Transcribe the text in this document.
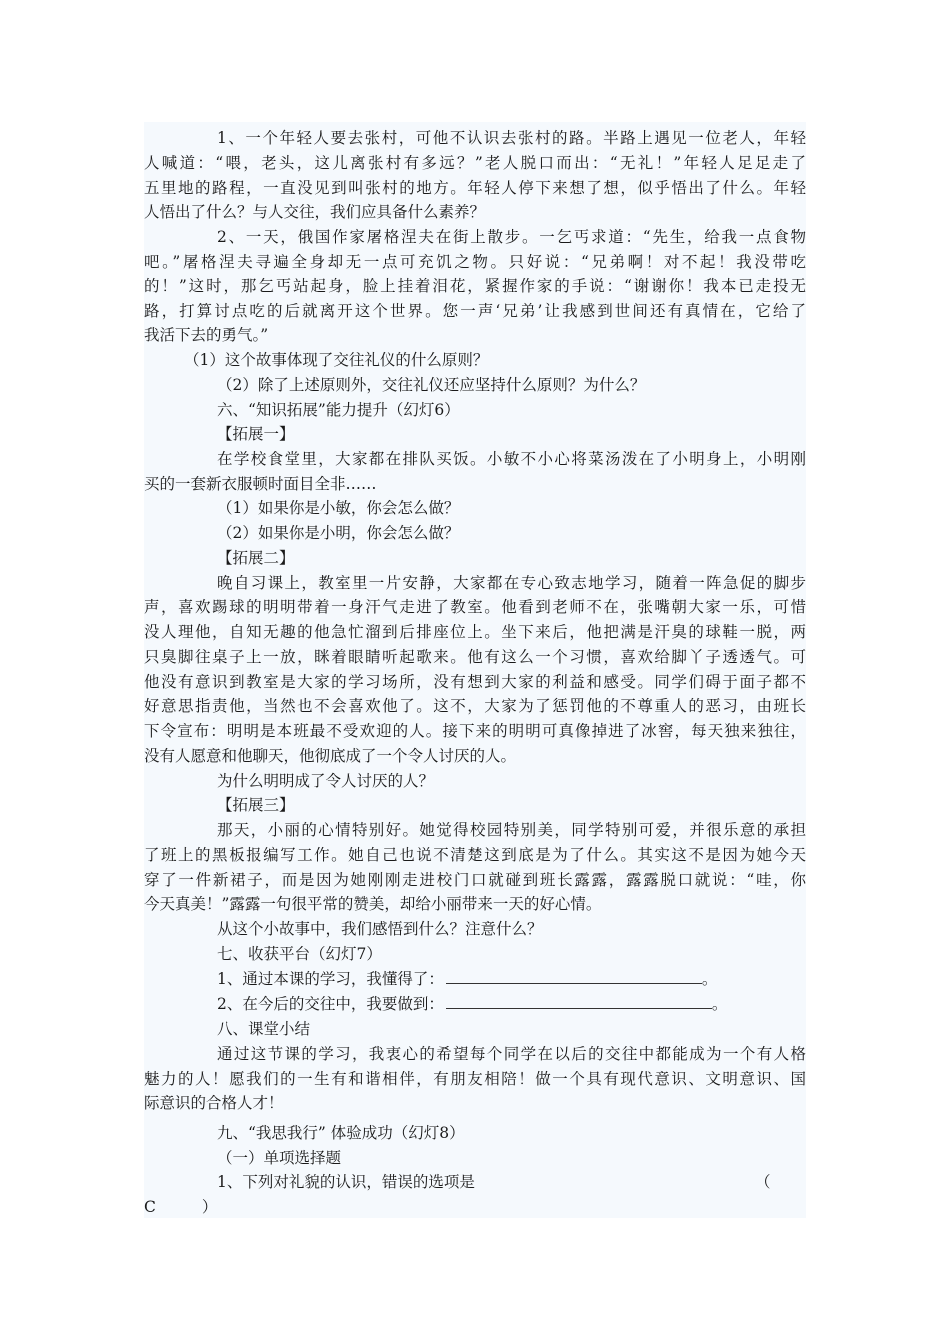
1、一个年轻人要去张村，可他不认识去张村的路。半路上遇见一位老人，年轻
人喊道：“喂，老头，这儿离张村有多远？”老人脱口而出：“无礼！”年轻人足足走了
五里地的路程，一直没见到叫张村的地方。年轻人停下来想了想，似乎悟出了什么。年轻
人悟出了什么？与人交往，我们应具备什么素养？
2、一天，俄国作家屠格涅夫在街上散步。一乞丐求道：“先生，给我一点食物
吧。”屠格涅夫寻遍全身却无一点可充饥之物。只好说：“兄弟啊！对不起！我没带吃
的！”这时，那乞丐站起身，脸上挂着泪花，紧握作家的手说：“谢谢你！我本已走投无
路，打算讨点吃的后就离开这个世界。您一声‘兄弟’让我感到世间还有真情在，它给了
我活下去的勇气。”
（1）这个故事体现了交往礼仪的什么原则？
（2）除了上述原则外，交往礼仪还应坚持什么原则？为什么？
六、“知识拓展”能力提升（幻灯6）
【拓展一】
在学校食堂里，大家都在排队买饭。小敏不小心将菜汤泼在了小明身上，小明刚
买的一套新衣服顿时面目全非……
（1）如果你是小敏，你会怎么做？
（2）如果你是小明，你会怎么做？
【拓展二】
晚自习课上，教室里一片安静，大家都在专心致志地学习，随着一阵急促的脚步
声，喜欢踢球的明明带着一身汗气走进了教室。他看到老师不在，张嘴朝大家一乐，可惜
没人理他，自知无趣的他急忙溜到后排座位上。坐下来后，他把满是汗臭的球鞋一脱，两
只臭脚往桌子上一放，眯着眼睛听起歌来。他有这么一个习惯，喜欢给脚丫子透透气。可
他没有意识到教室是大家的学习场所，没有想到大家的利益和感受。同学们碍于面子都不
好意思指责他，当然也不会喜欢他了。这不，大家为了惩罚他的不尊重人的恶习，由班长
下令宣布：明明是本班最不受欢迎的人。接下来的明明可真像掉进了冰窖，每天独来独往，
没有人愿意和他聊天，他彻底成了一个令人讨厌的人。
为什么明明成了令人讨厌的人？
【拓展三】
那天，小丽的心情特别好。她觉得校园特别美，同学特别可爱，并很乐意的承担
了班上的黑板报编写工作。她自己也说不清楚这到底是为了什么。其实这不是因为她今天
穿了一件新裙子，而是因为她刚刚走进校门口就碰到班长露露，露露脱口就说：“哇，你
今天真美！”露露一句很平常的赞美，却给小丽带来一天的好心情。
从这个小故事中，我们感悟到什么？注意什么？
七、收获平台（幻灯7）
1、通过本课的学习，我懂得了：	。
2、在今后的交往中，我要做到：	。
八、课堂小结
通过这节课的学习，我衷心的希望每个同学在以后的交往中都能成为一个有人格
魅力的人！愿我们的一生有和谐相伴，有朋友相陪！做一个具有现代意识、文明意识、国
际意识的合格人才！
九、“我思我行” 体验成功（幻灯8）
（一）单项选择题
1、下列对礼貌的认识，错误的选项是	（
C	）
